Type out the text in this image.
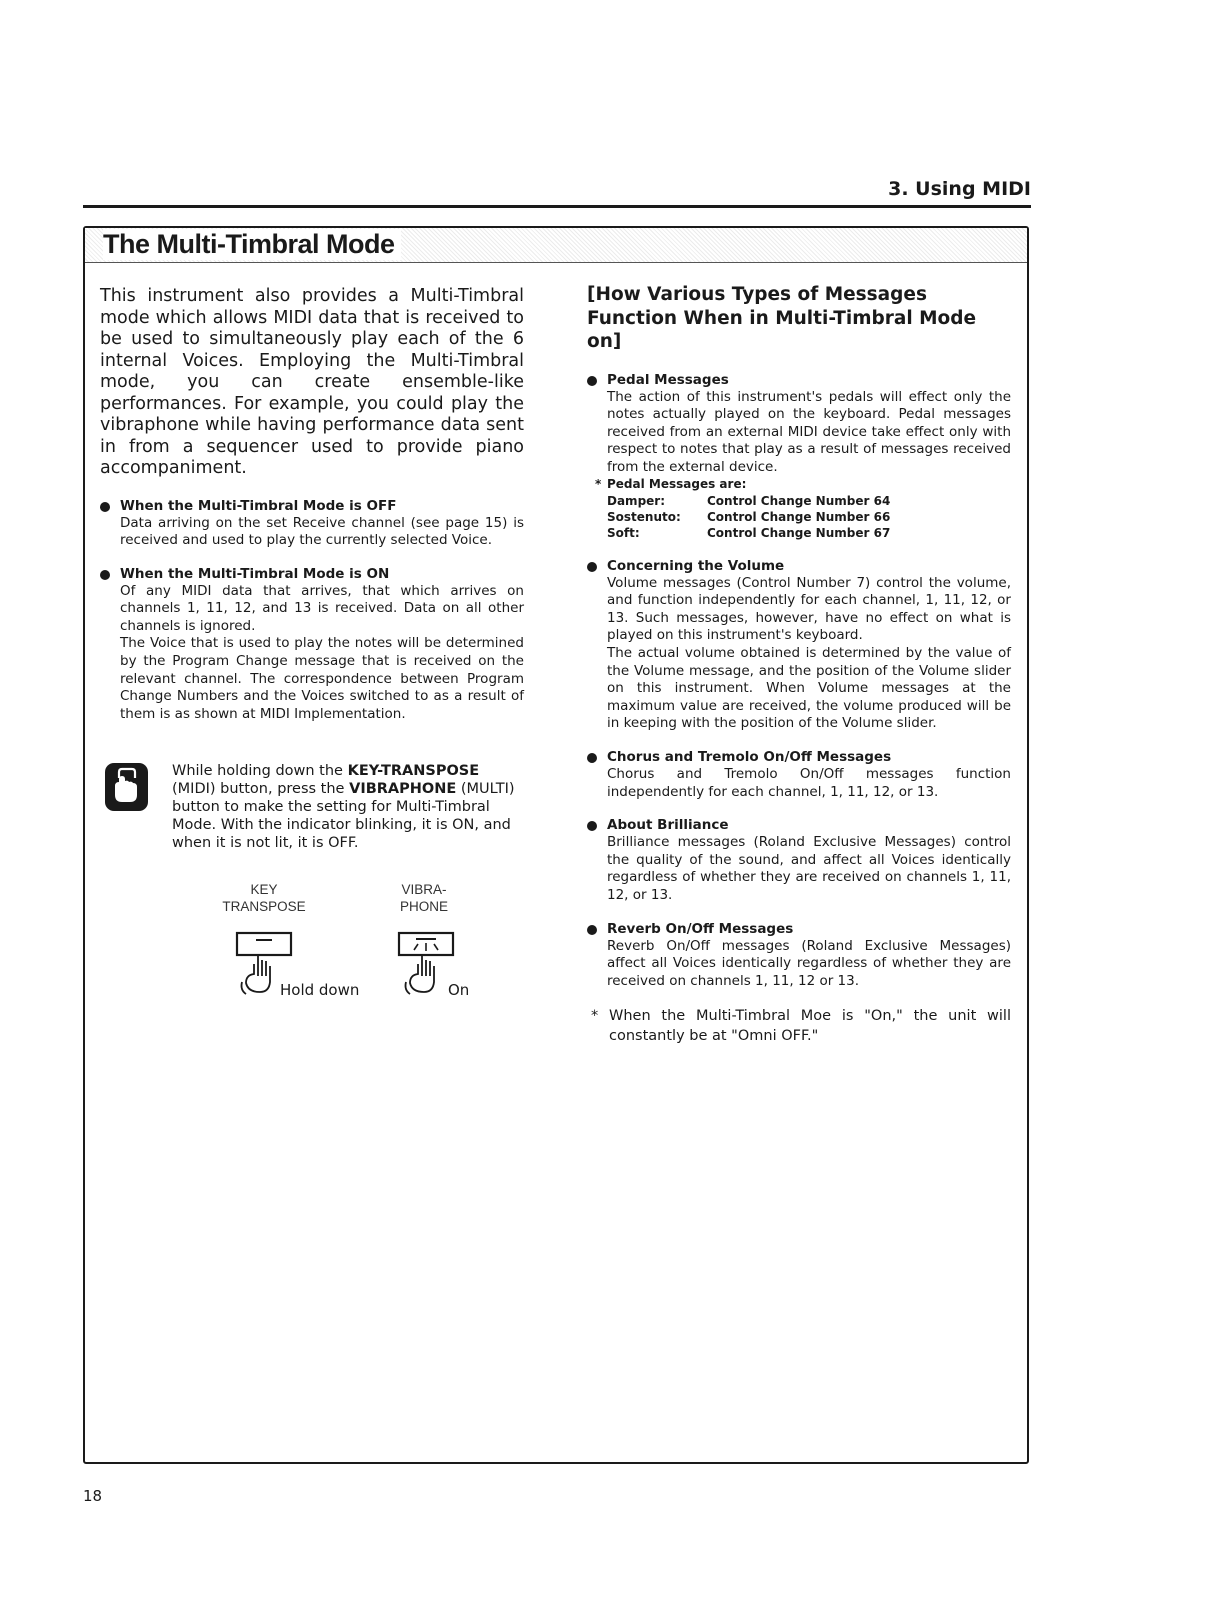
3. Using MIDI
The Multi-Timbral Mode

This instrument also provides a Multi-Timbral mode which allows MIDI data that is received to be used to simultaneously play each of the 6 internal Voices. Employing the Multi-Timbral mode, you can create ensemble-like performances. For example, you could play the vibraphone while having performance data sent in from a sequencer used to provide piano accompaniment.

When the Multi-Timbral Mode is OFF
Data arriving on the set Receive channel (see page 15) is received and used to play the currently selected Voice.
When the Multi-Timbral Mode is ON
Of any MIDI data that arrives, that which arrives on channels 1, 11, 12, and 13 is received. Data on all other channels is ignored.
The Voice that is used to play the notes will be determined by the Program Change message that is received on the relevant channel. The correspondence between Program Change Numbers and the Voices switched to as a result of them is as shown at MIDI Implementation.
While holding down the KEY-TRANSPOSE (MIDI) button, press the VIBRAPHONE (MULTI) button to make the setting for Multi-Timbral Mode. With the indicator blinking, it is ON, and when it is not lit, it is OFF.
KEY
TRANSPOSE
VIBRA-
PHONE
Hold down	On

[How Various Types of Messages Function When in Multi-Timbral Mode on]

Pedal Messages
The action of this instrument's pedals will effect only the notes actually played on the keyboard. Pedal messages received from an external MIDI device take effect only with respect to notes that play as a result of messages received from the external device.
* Pedal Messages are:
Damper:	Control Change Number 64
Sostenuto:	Control Change Number 66
Soft:	Control Change Number 67
Concerning the Volume
Volume messages (Control Number 7) control the volume, and function independently for each channel, 1, 11, 12, or 13. Such messages, however, have no effect on what is played on this instrument's keyboard.
The actual volume obtained is determined by the value of the Volume message, and the position of the Volume slider on this instrument. When Volume messages at the maximum value are received, the volume produced will be in keeping with the position of the Volume slider.
Chorus and Tremolo On/Off Messages
Chorus and Tremolo On/Off messages function independently for each channel, 1, 11, 12, or 13.
About Brilliance
Brilliance messages (Roland Exclusive Messages) control the quality of the sound, and affect all Voices identically regardless of whether they are received on channels 1, 11, 12, or 13.
Reverb On/Off Messages
Reverb On/Off messages (Roland Exclusive Messages) affect all Voices identically regardless of whether they are received on channels 1, 11, 12 or 13.
* When the Multi-Timbral Moe is "On," the unit will constantly be at "Omni OFF."
18
